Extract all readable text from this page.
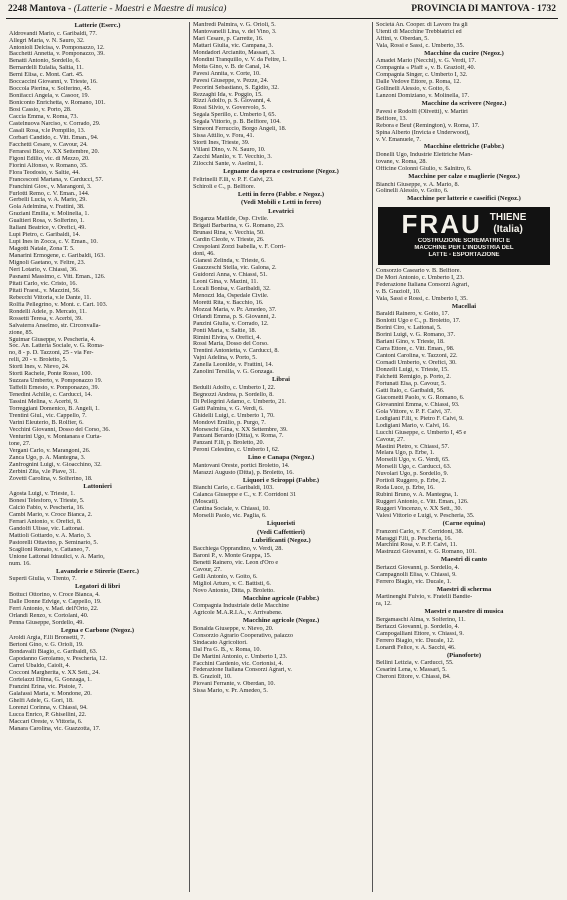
2248 Mantova - (Latterie - Maestri e Maestre di musica)	PROVINCIA DI MANTOVA - 1732
Latterie (Eserc.)
Aldrovandi Mario, c. Garibaldi, 77.
Allegri Maria, v. N. Sauro, 32.
Antonioli Delcisa, v. Pomponazzo, 12.
Bacchetti Annetta, v. Pomponazzo, 39.
Benatti Antonio, Sordello, 6.
Bernardelli Eulalia, Saltia, 11.
Berni Elisa, c. Mont. Cart. 45.
Boccaccini Giovanni, v. Trieste, 16.
Boccola Pierina, v. Solferino, 45.
Bonifacci Angela, v. Casoor, 19.
Boniconto Enrichetta, v. Romano, 101.
Bosi Cassio, v. Porto, 28.
Caccia Emma, v. Roma, 73.
Castelnuova Narciso, v. Corrado, 29.
Casali Rosa, v.le Pompilio, 13.
Corbari Candido, c. Vitt. Eman., 94.
Facchetti Cesare, v. Cavour, 24.
Ferraresi Bice, v. XX Settembre, 20.
Figoni Edilio, vic. di Mezzo, 20.
Fiorini Alfonso, v. Romano, 35.
Flora Teodosio, v. Saltie, 44.
Francesconi Martana, v. Carducci, 57.
Franchini Giov., v. Marangoni, 3.
Furlotti Remo, c. V. Eman., 144.
Gerbelli Lucia, v. A. Mario, 29.
Gola Adelmina, v. Frattini, 38.
Graziani Emilia, v. Molinelia, 1.
Gualtieri Rosa, v. Solferino, 1.
Italiani Beatrice, v. Orefici, 49.
Lupi Pietro, c. Garibaldi, 14.
Lupi Ines in Zocca, c. V. Eman., 10.
Magotti Natale, Zona T. 5.
Manarini Ermogene, c. Garibaldi, 163.
Mignoli Gaetano, v. Feltre, 23.
Neri Lotario, v. Chiassi, 36.
Pasnami Massimo, c. Vitt. Eman., 126.
Pitati Carlo, vic. Cristo, 16.
Pitati Fraest., v. Mazzini, 56.
Rebecchi Vittoria, v.le Dante, 11.
Rolfia Pellegrino, v. Mont. c. Cart. 103.
Rondelli Adele, p. Mercato, 11.
Rossetti Teresa, v. Acerbi, 39.
Salvaterra Anselmo, str. Circonvalla-
zione, 85.
Sguimar Giuseppe, v. Pescheria, 4.
Soc. An. Latteria Sociale, v. G. Roma-
no, 8 - p. D. Tazzoni, 25 - via Fer-
relli, 20 - v. Broletto, 5.
Storti Ines, v. Nievo, 24.
Storti Rachele, Ponte Rosso, 100.
Suzzara Umberto, v. Pomponazzo 19.
Taffelli Ernesto, v. Pomponazzo, 39.
Tenedini Achille, c. Carducci, 14.
Tassini Melina, v. Acerbi, 9.
Torreggiani Domenico, B. Angeli, 1.
Trentini Giul., vic. Cappello, 7.
Varini Eleuterio, B. Rolfier, 6.
Vecchini Giovanni, Dosso del Corso, 36.
Venturini Ugo, v. Montanara e Curta-
tone, 27.
Vergani Carlo, v. Marangoni, 26.
Zanca Ugo, p. A. Mantegna, 3.
Zanfrognini Luigi, v. Gioacchino, 32.
Zerbini Zita, v.le Piave, 31.
Zovetti Carolina, v. Solferino, 18.
Lattonieri
Agosta Luigi, v. Trieste, 1.
Bonesi Telesforo, v. Trieste, 5.
Calciò Fabio, v. Pescheria, 16.
Cambi Mario, v. Croce Bianca, 2.
Ferrari Antonio, v. Orefici, 8.
Gandolfi Ulisse, vic. Lattonai.
Mattioli Gottardo, v. A. Mario, 3.
Pastorelli Ottavino, p. Seminario, 5.
Scaglioni Renato, v. Cattaneo, 7.
Unione Lattonai Idraulici, v. A. Mario,
num. 16.
Lavanderie e Stirerie (Eserc.)
Superti Giulia, v. Trento, 7.
Legatori di libri
Bottuci Ottorino, v. Croce Bianca, 4.
Dalle Donne Edvige, v. Cappello, 19.
Ferri Antonio, v. Mad. dell'Orto, 22.
Orlandi Renzo, v. Cortolani, 40.
Penna Giuseppe, Sordello, 49.
Legna e Carbone (Negoz.)
Aroldi Argia, F.lli Bronsetti, 7.
Bertoni Gino, v. G. Orioli, 19.
Bondavalli Biagio, c. Garibaldi, 63.
Capodanno Gerolamo, v. Pescheria, 12.
Carrel Ubaldo, Caiolt, 4.
Cocconi Margherita, v. XX Sett., 24.
Cortelazzi Dilma, G. Gonzaga, 1.
Franzini Erina, vic. Pistoie, 7.
Galafassi Maria, v. Mondone, 20.
Ghelfi Adele, G. Gori, 18.
Lorenzi Corinna, v. Chiassi, 94.
Lucca Enrico, P. Ghisellini, 22.
Maccari Oreste, v. Vittoria, 6.
Manara Carolina, vic. Guazzotta, 17.
Manfredi Palmira, v. G. Orioli, 5.
Mantovanelli Lina, v. del Vino, 3.
Mari Cesare, p. Carrette, 16.
Mattari Giulia, vic. Campana, 3.
Mondadori Arcianito, Massari, 3.
Mondini Tranquillo, v. V. da Feltre, 1.
Motta Gino, v. B. de Canal, 14.
Pavesi Annita, v. Corte, 10.
Pavesi Giuseppe, v. Pezze, 24.
Pecorini Sebastiano, S. Egidio, 32.
Rezzaghi Ida, v. Poggio, 15.
Rizzi Adolfo, p. S. Giovanni, 4.
Rossi Silvio, v. Govervolo, 5.
Segala Sperillo, c. Umberto I, 65.
Segala Vittorio, p. B. Belfiore, 104.
Simeoni Ferruccio, Borgo Angeli, 18.
Sissa Attilio, v. Fora, 41.
Storti Ines, Trieste, 39.
Villani Dino, v. N. Sauro, 10.
Zacchi Manlio, v. T. Vecchio, 3.
Zilocchi Sante, v. Aselmi, 1.
Legname da opera e costruzione (Negoz.)
Feltrinelli F.lli, v. P. F. Calvi, 23.
Schiroli e C., p. Belfiore.
Letti in ferro (Fabbr. e Negoz.)
(Vedi Mobili e Letti in ferro)
Levatrici
Boganza Matilde, Osp. Civile.
Brigati Barbarina, v. G. Romano, 23.
Brunasi Rina, v. Vecchia, 50.
Cardin Cleofe, v. Trieste, 26.
Crespolani Zorzi Isabella, v. F. Corri-
doni, 46.
Gianesi Zelinda, v. Trieste, 6.
Guazzeschi Stella, vic. Galona, 2.
Guidorzi Anna, v. Chiassi, 51.
Leoni Gina, v. Mazini, 11.
Locali Bonisa, v. Garibaldi, 32.
Menozzi Ida, Ospedale Civile.
Moretti Rita, v. Bacchio, 16.
Mozzai Maria, v. Pr. Amedeo, 37.
Orlandi Emma, p. S. Giovanni, 2.
Panzini Giulia, v. Corrado, 12.
Ponti Maria, v. Saltie, 18.
Rimini Elvira, v. Orefici, 4.
Rossi Maria, Dosso del Corso.
Trentini Antonietta, v. Carducci, 8.
Vajni Adelina, v. Porto, 5.
Zanella Leonilde, v. Frattini, 14.
Zanolini Tersilla, v. G. Gonzaga.
Librai
Bedulli Adolfo, c. Umberto I, 22.
Begnozzi Andrea, p. Sordello, 8.
Di Pellegrini Adamo, c. Umberto, 21.
Gatti Palmira, v. G. Verdi, 6.
Ghidelli Luigi, c. Umberto 1, 70.
Mondovi Emilio, p. Purgo, 7.
Morseschi Gina, v. XX Settembre, 39.
Panzani Berardo (Ditta), v. Roma, 7.
Panzani F.lli, p. Broletto, 20.
Peroni Celestino, c. Umberto I, 62.
Lino e Canapa (Negoz.)
Mantovani Oreste, portici Broletto, 14.
Marazzi Augusto (Ditta), p. Broletto, 16.
Liquori e Sciroppi (Fabbr.)
Bianchi Carlo, c. Garibaldi, 103.
Calanca Giuseppe e C., v. F. Corridoni 31
(Moscati).
Cantina Sociale, v. Chiassi, 10.
Morselli Paolo, vic. Paglia, 6.
Liquoristi
(Vedi Caffettieri)
Lubrificanti (Negoz.)
Bacchiega Opprandino, v. Verdi, 28.
Baroni P., v. Monte Grappa, 15.
Benetti Rainero, vic. Leon d'Oro e
Cavour, 27.
Gelli Antonio, v. Goito, 6.
Migliol Arturo, v. C. Battisti, 6.
Novo Antonio, Ditta, p. Broletto.
Macchine agricole (Fabbr.)
Compagnia Industriale delle Macchine
Agricole M.A.R.I.A., v. Arrivabene.
Macchine agricole (Negoz.)
Bonalda Giuseppe, v. Nievo, 20.
Consorzio Agrario Cooperativo, palazzo
Sindacato Agricoltori.
Dal Fra G. B., v. Roma, 10.
De Martini Antonio, c. Umberto I, 23.
Facchini Cardenio, vic. Cortonisi, 4.
Federazione Italiana Consorzi Agrari, v.
B. Graziolf, 10.
Piovani Ferrante, v. Oberdan, 10.
Sissa Mario, v. Pr. Amedeo, 5.
Società An. Cooper. di Lavoro fra gli
Utenti di Macchine Trebbiatrici ed
Affini, v. Oberdan, 5.
Vala, Rossi e Sassi, c. Umberto, 35.
Macchine da cucire (Negoz.)
Amadei Mario (Necchi), v. G. Verdi, 17.
Compagnia « Pfaff », v. B. Graziolf, 40.
Compagnia Singer, c. Umberto I, 32.
Dalle Vedove Ettore, p. Roma, 12.
Gollinelli Alessio, v. Goito, 6.
Lanzoni Domiziano, v. Molinella, 17.
Macchine da scrivere (Negoz.)
Pavesi e Rodolfi (Olivetti), v. Martiri
Belfiore, 13.
Rebora e Beuf (Remington), v. Roma, 17.
Spina Alberto (Invicta e Underwood),
v. V. Emanuele, 7.
Macchine elettriche (Fabbr.)
Donelli Ugo, Industrie Elettriche Man-
tovane, v. Roma, 28.
Officine Colonni Giulio, v. Salnitro, 6.
Macchine per calze e maglierie (Negoz.)
Bianchi Giuseppe, v. A. Mario, 8.
Golinelli Alessio, v. Goito, 6.
Macchine per latterie e caseifici (Negoz.)
FRAU THIENE
(Italia)
COSTRUZIONE SCREMATRICI E
MACCHINE PER L'INDUSTRIA DEL
LATTE - ESPORTAZIONE
Consorzio Caseario v. B. Belfiore.
De Mori Antonio, c. Umberto I, 23.
Federazione Italiana Consorzi Agrari,
v. B. Graziolf, 10.
Vala, Sassi e Rossi, c. Umberto I, 35.
Macellai
Baraldi Rainero, v. Goito, 17.
Bonlotti Ugo e C., p. Broletto, 17.
Borini Ciro, v. Lattonai, 5.
Borini Luigi, v. G. Romano, 37.
Bariani Gino, v. Trieste, 18.
Carra Ettore, c. Vitt. Eman., 98.
Cantoni Carolina, v. Tazzoni, 22.
Cornadi Umberto, v. Orefici, 30.
Donzelli Luigi, v. Trieste, 15.
Falchetti Remigio, p. Porto, 2.
Fortunati Elsa, p. Cavour, 5.
Gatti Italo, c. Garibaldi, 56.
Giacometti Paolo, v. G. Romano, 6.
Giovannini Emma, v. Chiassi, 93.
Gola Vittore, v. P. F. Calvi, 37.
Lodigiani F.lli, v. Pietro F. Calvi, 9.
Lodigiani Mario, v. Calvi, 16.
Lucchi Giuseppe, c. Umberto I, 45 e
Cavour, 27.
Mastini Pietro, v. Chiassi, 57.
Melara Ugo, p. Erbe, 1.
Morselli Ugo, v. G. Verdi, 65.
Morselli Ugo, c. Carducci, 63.
Nuvolari Ugo, p. Sordello, 9.
Portioli Ruggero, p. Erbe, 2.
Roda Luce, p. Erbe, 16.
Rubini Bruno, v. A. Mantegna, 1.
Ruggeri Antonio, c. Vitt. Eman., 126.
Ruggeri Vincenzo, v. XX Sett., 30.
Valesi Vittorio e Luigi, v. Pescheria, 35.
(Carne equina)
Franzoni Carlo, v. F. Corridoni, 38.
Maraggi F.lli, p. Pescheria, 16.
Marchini Rosa, v. P. F. Calvi, 11.
Mastruzzi Giovanni, v. G. Romano, 101.
Maestri di canto
Bertazzi Giovanni, p. Sordello, 4.
Campagnolli Elisa, v. Chiassi, 9.
Ferrero Biagio, vic. Ducale, 1.
Maestri di scherma
Martinenghi Fulvio, v. Fratelli Bandie-
ra, 12.
Maestri e maestre di musica
Bergamaschi Alma, v. Solferino, 11.
Bertazzi Giovanni, p. Sordello, 4.
Campogalliani Ettore, v. Chiassi, 9.
Ferrero Biagio, vic. Ducale, 12.
Lonardi Felice, v. A. Sacchi, 46.
(Pianoforte)
Bellini Letizia, v. Carducci, 55.
Cesarini Lena, v. Massari, 5.
Cheroni Ettore, v. Chiassi, 84.
